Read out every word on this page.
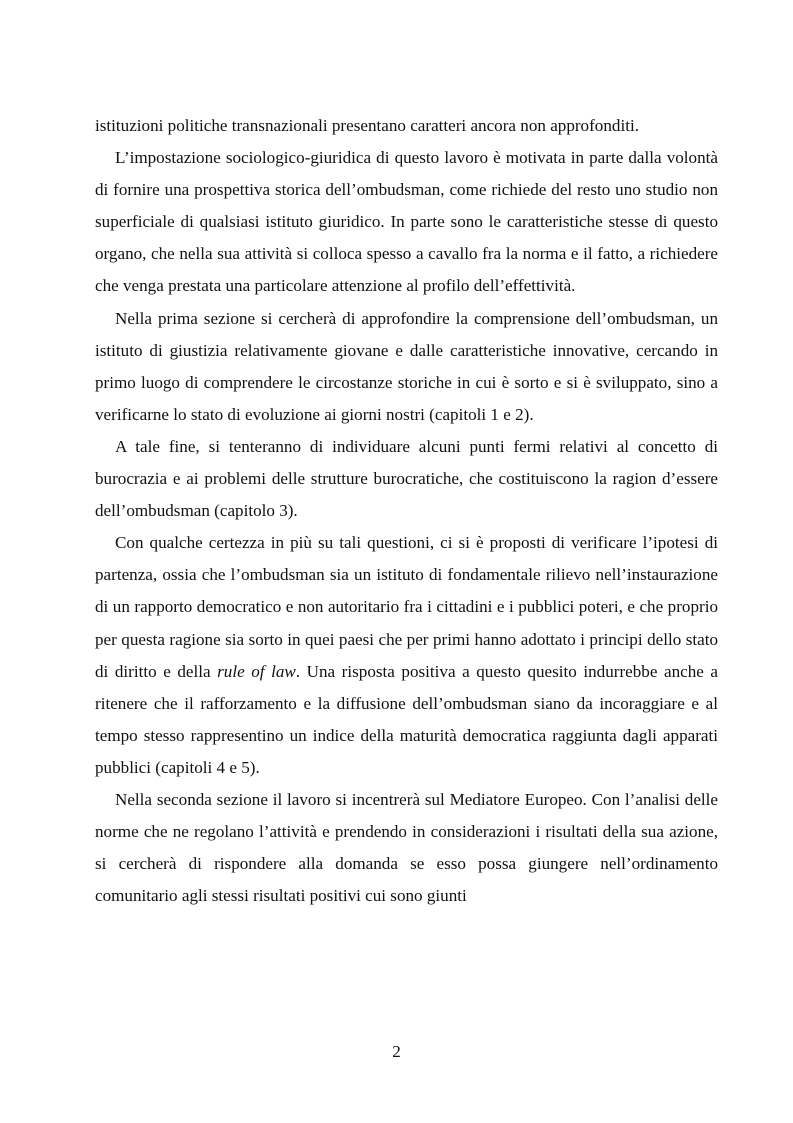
istituzioni politiche transnazionali presentano caratteri ancora non approfonditi.

L’impostazione sociologico-giuridica di questo lavoro è motivata in parte dalla volontà di fornire una prospettiva storica dell’ombudsman, come richiede del resto uno studio non superficiale di qualsiasi istituto giuridico. In parte sono le caratteristiche stesse di questo organo, che nella sua attività si colloca spesso a cavallo fra la norma e il fatto, a richiedere che venga prestata una particolare attenzione al profilo dell’effettività.

Nella prima sezione si cercherà di approfondire la comprensione dell’ombudsman, un istituto di giustizia relativamente giovane e dalle caratteristiche innovative, cercando in primo luogo di comprendere le circostanze storiche in cui è sorto e si è sviluppato, sino a verificarne lo stato di evoluzione ai giorni nostri (capitoli 1 e 2).

A tale fine, si tenteranno di individuare alcuni punti fermi relativi al concetto di burocrazia e ai problemi delle strutture burocratiche, che costituiscono la ragion d’essere dell’ombudsman (capitolo 3).

Con qualche certezza in più su tali questioni, ci si è proposti di verificare l’ipotesi di partenza, ossia che l’ombudsman sia un istituto di fondamentale rilievo nell’instaurazione di un rapporto democratico e non autoritario fra i cittadini e i pubblici poteri, e che proprio per questa ragione sia sorto in quei paesi che per primi hanno adottato i principi dello stato di diritto e della rule of law. Una risposta positiva a questo quesito indurrebbe anche a ritenere che il rafforzamento e la diffusione dell’ombudsman siano da incoraggiare e al tempo stesso rappresentino un indice della maturità democratica raggiunta dagli apparati pubblici (capitoli 4 e 5).

Nella seconda sezione il lavoro si incentrerà sul Mediatore Europeo. Con l’analisi delle norme che ne regolano l’attività e prendendo in considerazioni i risultati della sua azione, si cercherà di rispondere alla domanda se esso possa giungere nell’ordinamento comunitario agli stessi risultati positivi cui sono giunti

2
